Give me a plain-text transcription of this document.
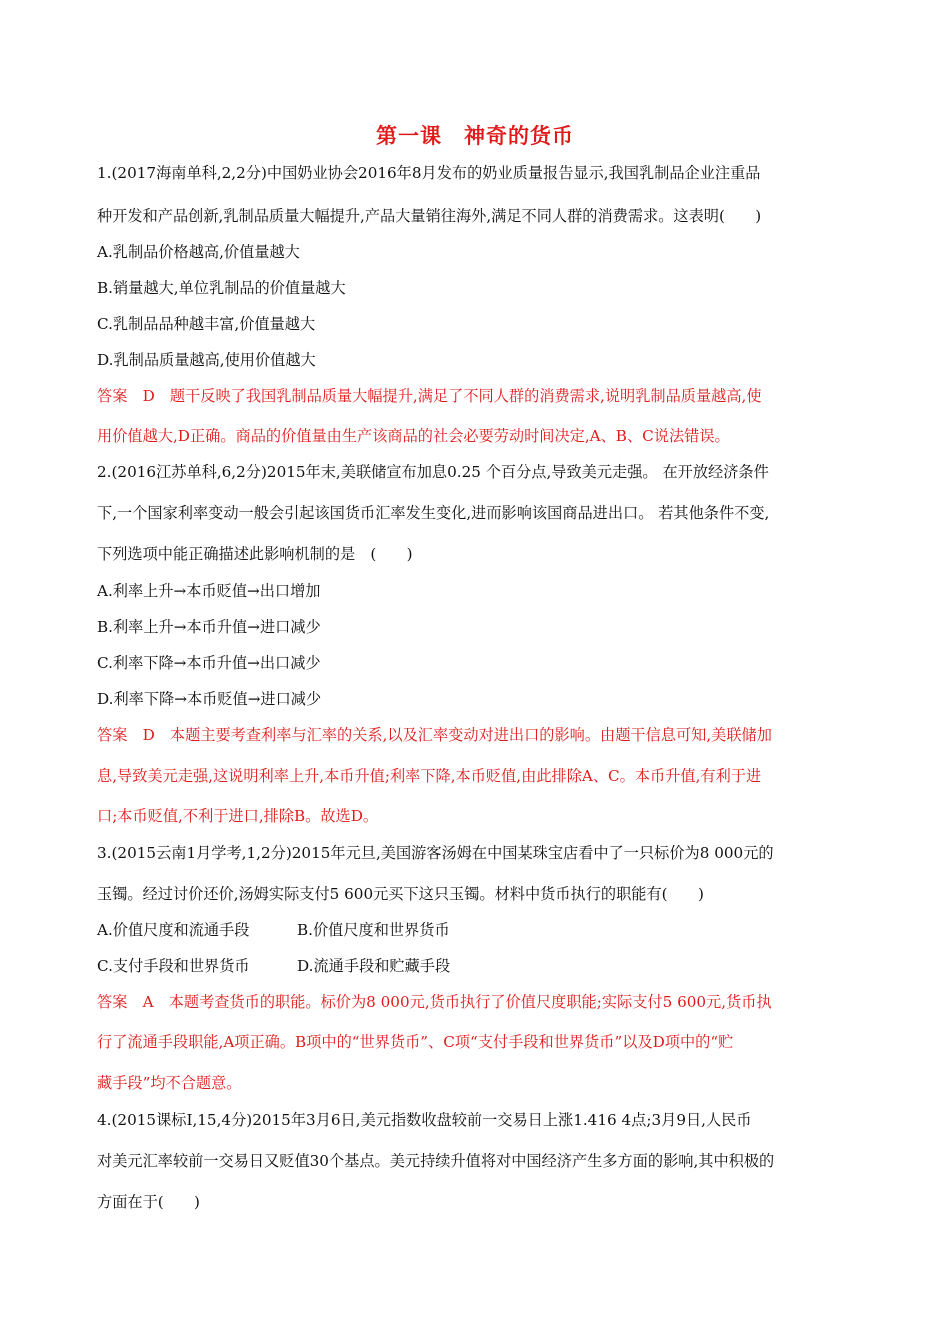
第一课　神奇的货币
1.(2017海南单科,2,2分)中国奶业协会2016年8月发布的奶业质量报告显示,我国乳制品企业注重品
种开发和产品创新,乳制品质量大幅提升,产品大量销往海外,满足不同人群的消费需求。这表明(　　)
A.乳制品价格越高,价值量越大
B.销量越大,单位乳制品的价值量越大
C.乳制品品种越丰富,价值量越大
D.乳制品质量越高,使用价值越大
答案　D　题干反映了我国乳制品质量大幅提升,满足了不同人群的消费需求,说明乳制品质量越高,使
用价值越大,D正确。商品的价值量由生产该商品的社会必要劳动时间决定,A、B、C说法错误。
2.(2016江苏单科,6,2分)2015年末,美联储宣布加息0.25 个百分点,导致美元走强。 在开放经济条件
下,一个国家利率变动一般会引起该国货币汇率发生变化,进而影响该国商品进出口。 若其他条件不变,
下列选项中能正确描述此影响机制的是　(　　)
A.利率上升→本币贬值→出口增加
B.利率上升→本币升值→进口减少
C.利率下降→本币升值→出口减少
D.利率下降→本币贬值→进口减少
答案　D　本题主要考查利率与汇率的关系,以及汇率变动对进出口的影响。由题干信息可知,美联储加
息,导致美元走强,这说明利率上升,本币升值;利率下降,本币贬值,由此排除A、C。本币升值,有利于进
口;本币贬值,不利于进口,排除B。故选D。
3.(2015云南1月学考,1,2分)2015年元旦,美国游客汤姆在中国某珠宝店看中了一只标价为8 000元的
玉镯。经过讨价还价,汤姆实际支付5 600元买下这只玉镯。材料中货币执行的职能有(　　)
A.价值尺度和流通手段	B.价值尺度和世界货币
C.支付手段和世界货币	D.流通手段和贮藏手段
答案　A　本题考查货币的职能。标价为8 000元,货币执行了价值尺度职能;实际支付5 600元,货币执
行了流通手段职能,A项正确。B项中的“世界货币”、C项“支付手段和世界货币”以及D项中的“贮
藏手段”均不合题意。
4.(2015课标Ⅰ,15,4分)2015年3月6日,美元指数收盘较前一交易日上涨1.416 4点;3月9日,人民币
对美元汇率较前一交易日又贬值30个基点。美元持续升值将对中国经济产生多方面的影响,其中积极的
方面在于(　　)
